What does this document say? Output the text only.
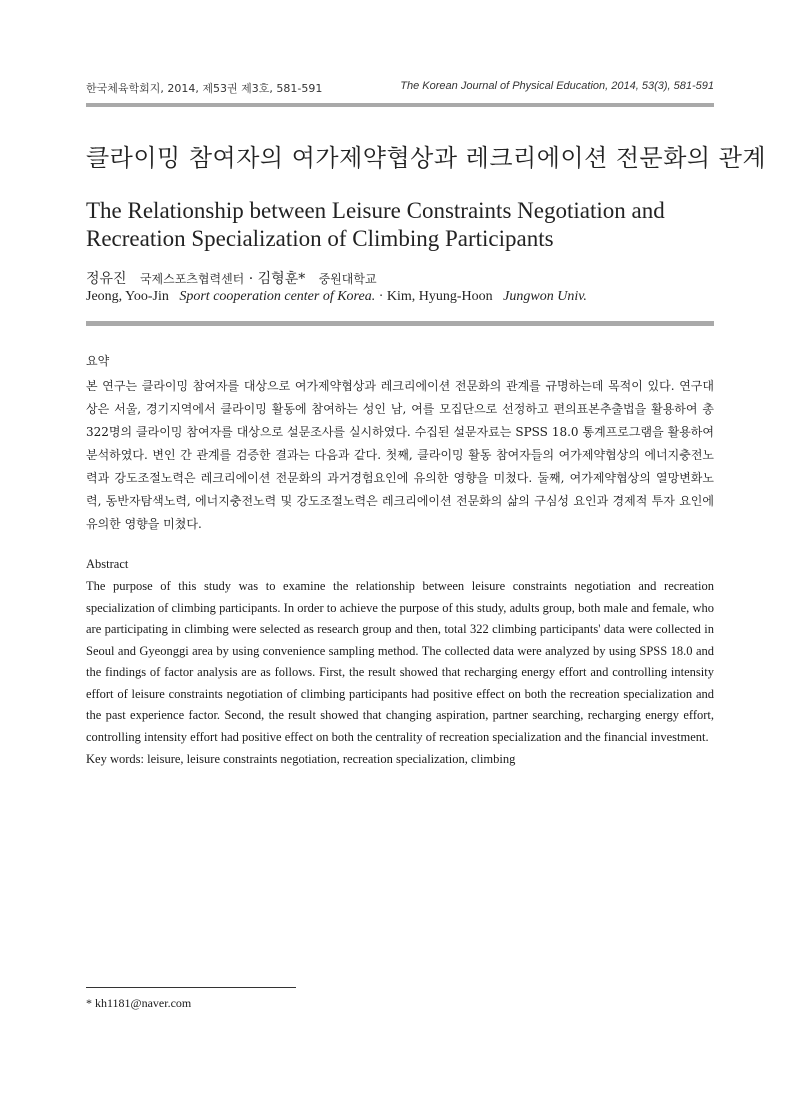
한국체육학회지, 2014, 제53권 제3호, 581-591	The Korean Journal of Physical Education, 2014, 53(3), 581-591
클라이밍 참여자의 여가제약협상과 레크리에이션 전문화의 관계
The Relationship between Leisure Constraints Negotiation and Recreation Specialization of Climbing Participants
정유진 국제스포츠협력센터 · 김형훈* 중원대학교
Jeong, Yoo-Jin Sport cooperation center of Korea. · Kim, Hyung-Hoon Jungwon Univ.
요약
본 연구는 클라이밍 참여자를 대상으로 여가제약협상과 레크리에이션 전문화의 관계를 규명하는데 목적이 있다. 연구대상은 서울, 경기지역에서 클라이밍 활동에 참여하는 성인 남, 여를 모집단으로 선정하고 편의표본추출법을 활용하여 총 322명의 클라이밍 참여자를 대상으로 설문조사를 실시하였다. 수집된 설문자료는 SPSS 18.0 통계프로그램을 활용하여 분석하였다. 변인 간 관계를 검증한 결과는 다음과 같다. 첫째, 클라이밍 활동 참여자들의 여가제약협상의 에너지충전노력과 강도조절노력은 레크리에이션 전문화의 과거경험요인에 유의한 영향을 미쳤다. 둘째, 여가제약협상의 열망변화노력, 동반자탐색노력, 에너지충전노력 및 강도조절노력은 레크리에이션 전문화의 삶의 구심성 요인과 경제적 투자 요인에 유의한 영향을 미쳤다.
Abstract
The purpose of this study was to examine the relationship between leisure constraints negotiation and recreation specialization of climbing participants. In order to achieve the purpose of this study, adults group, both male and female, who are participating in climbing were selected as research group and then, total 322 climbing participants' data were collected in Seoul and Gyeonggi area by using convenience sampling method. The collected data were analyzed by using SPSS 18.0 and the findings of factor analysis are as follows. First, the result showed that recharging energy effort and controlling intensity effort of leisure constraints negotiation of climbing participants had positive effect on both the recreation specialization and the past experience factor. Second, the result showed that changing aspiration, partner searching, recharging energy effort, controlling intensity effort had positive effect on both the centrality of recreation specialization and the financial investment.
Key words: leisure, leisure constraints negotiation, recreation specialization, climbing
* kh1181@naver.com
